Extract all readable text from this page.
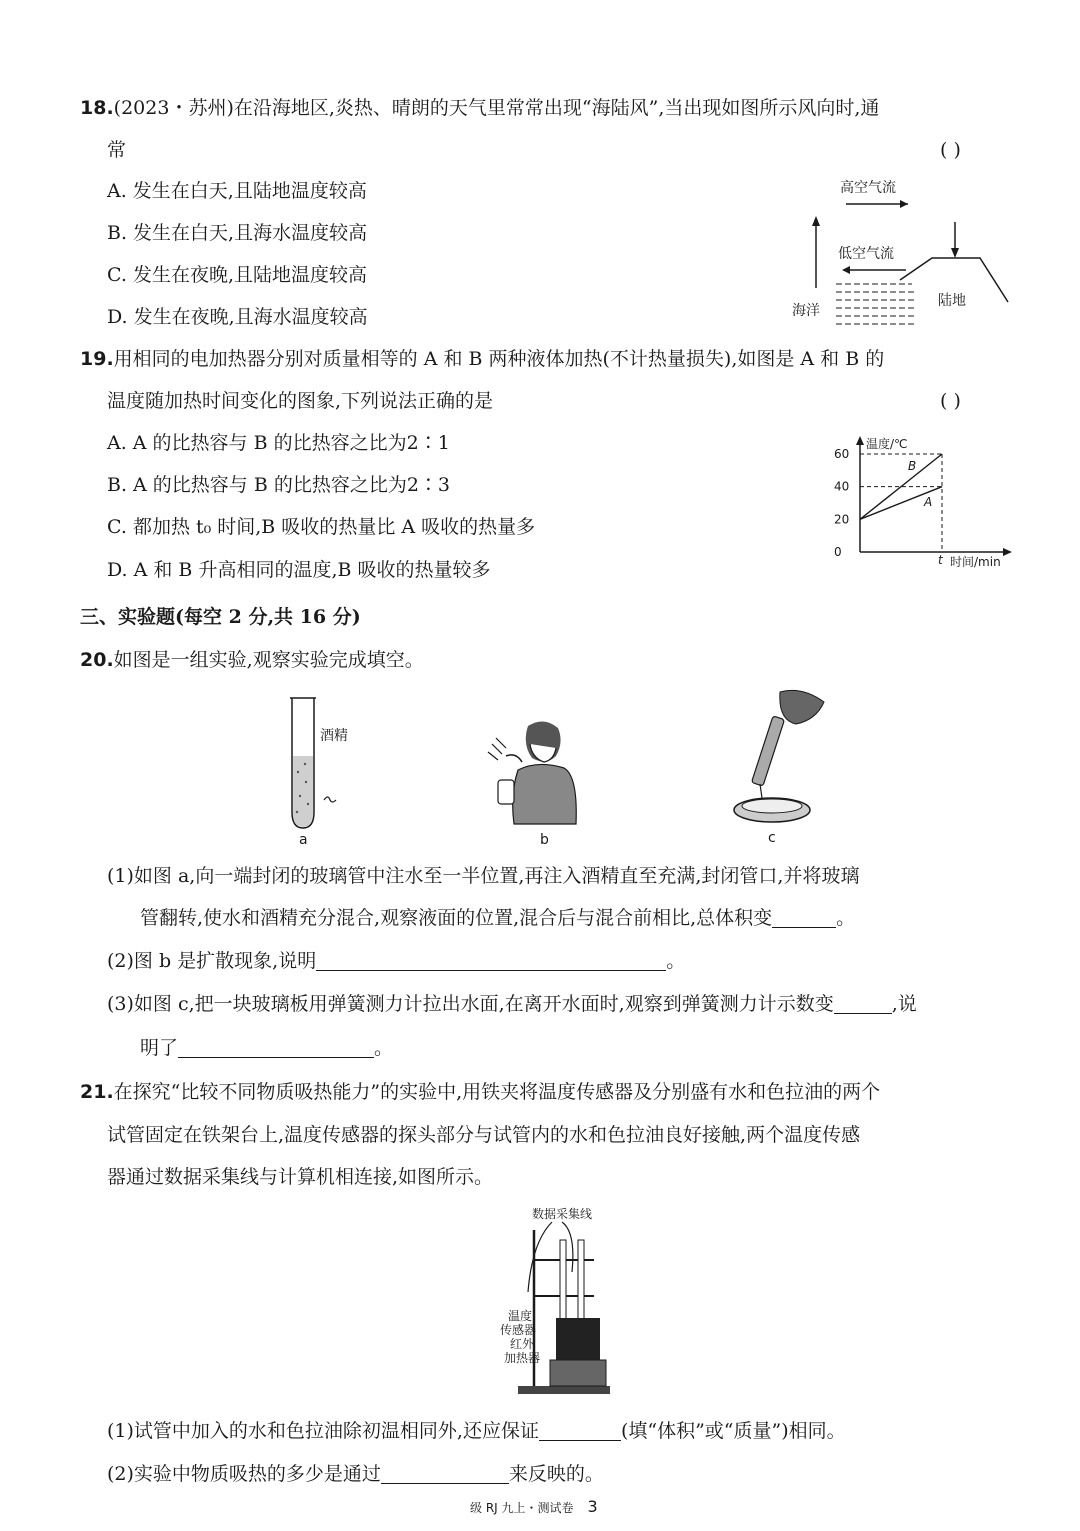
18.(2023・苏州)在沿海地区,炎热、晴朗的天气里常常出现“海陆风”,当出现如图所示风向时,通
常	( )
A. 发生在白天,且陆地温度较高
B. 发生在白天,且海水温度较高
C. 发生在夜晚,且陆地温度较高
D. 发生在夜晚,且海水温度较高
高空气流
低空气流
海洋
陆地
19.用相同的电加热器分别对质量相等的 A 和 B 两种液体加热(不计热量损失),如图是 A 和 B 的
温度随加热时间变化的图象,下列说法正确的是	( )
A. A 的比热容与 B 的比热容之比为2∶1
B. A 的比热容与 B 的比热容之比为2∶3
C. 都加热 t₀ 时间,B 吸收的热量比 A 吸收的热量多
D. A 和 B 升高相同的温度,B 吸收的热量较多
温度/℃
时间/min
t
0
20
40
60
B
A
三、实验题(每空 2 分,共 16 分)
20.如图是一组实验,观察实验完成填空。
酒精
a	b	c
(1)如图 a,向一端封闭的玻璃管中注水至一半位置,再注入酒精直至充满,封闭管口,并将玻璃
管翻转,使水和酒精充分混合,观察液面的位置,混合后与混合前相比,总体积变	。
(2)图 b 是扩散现象,说明	。
(3)如图 c,把一块玻璃板用弹簧测力计拉出水面,在离开水面时,观察到弹簧测力计示数变	,说
明了	。
21.在探究“比较不同物质吸热能力”的实验中,用铁夹将温度传感器及分别盛有水和色拉油的两个
试管固定在铁架台上,温度传感器的探头部分与试管内的水和色拉油良好接触,两个温度传感
器通过数据采集线与计算机相连接,如图所示。
数据采集线
温度
传感器
红外
加热器
(1)试管中加入的水和色拉油除初温相同外,还应保证	(填“体积”或“质量”)相同。
(2)实验中物质吸热的多少是通过	来反映的。
级 RJ 九上・测试卷 3
